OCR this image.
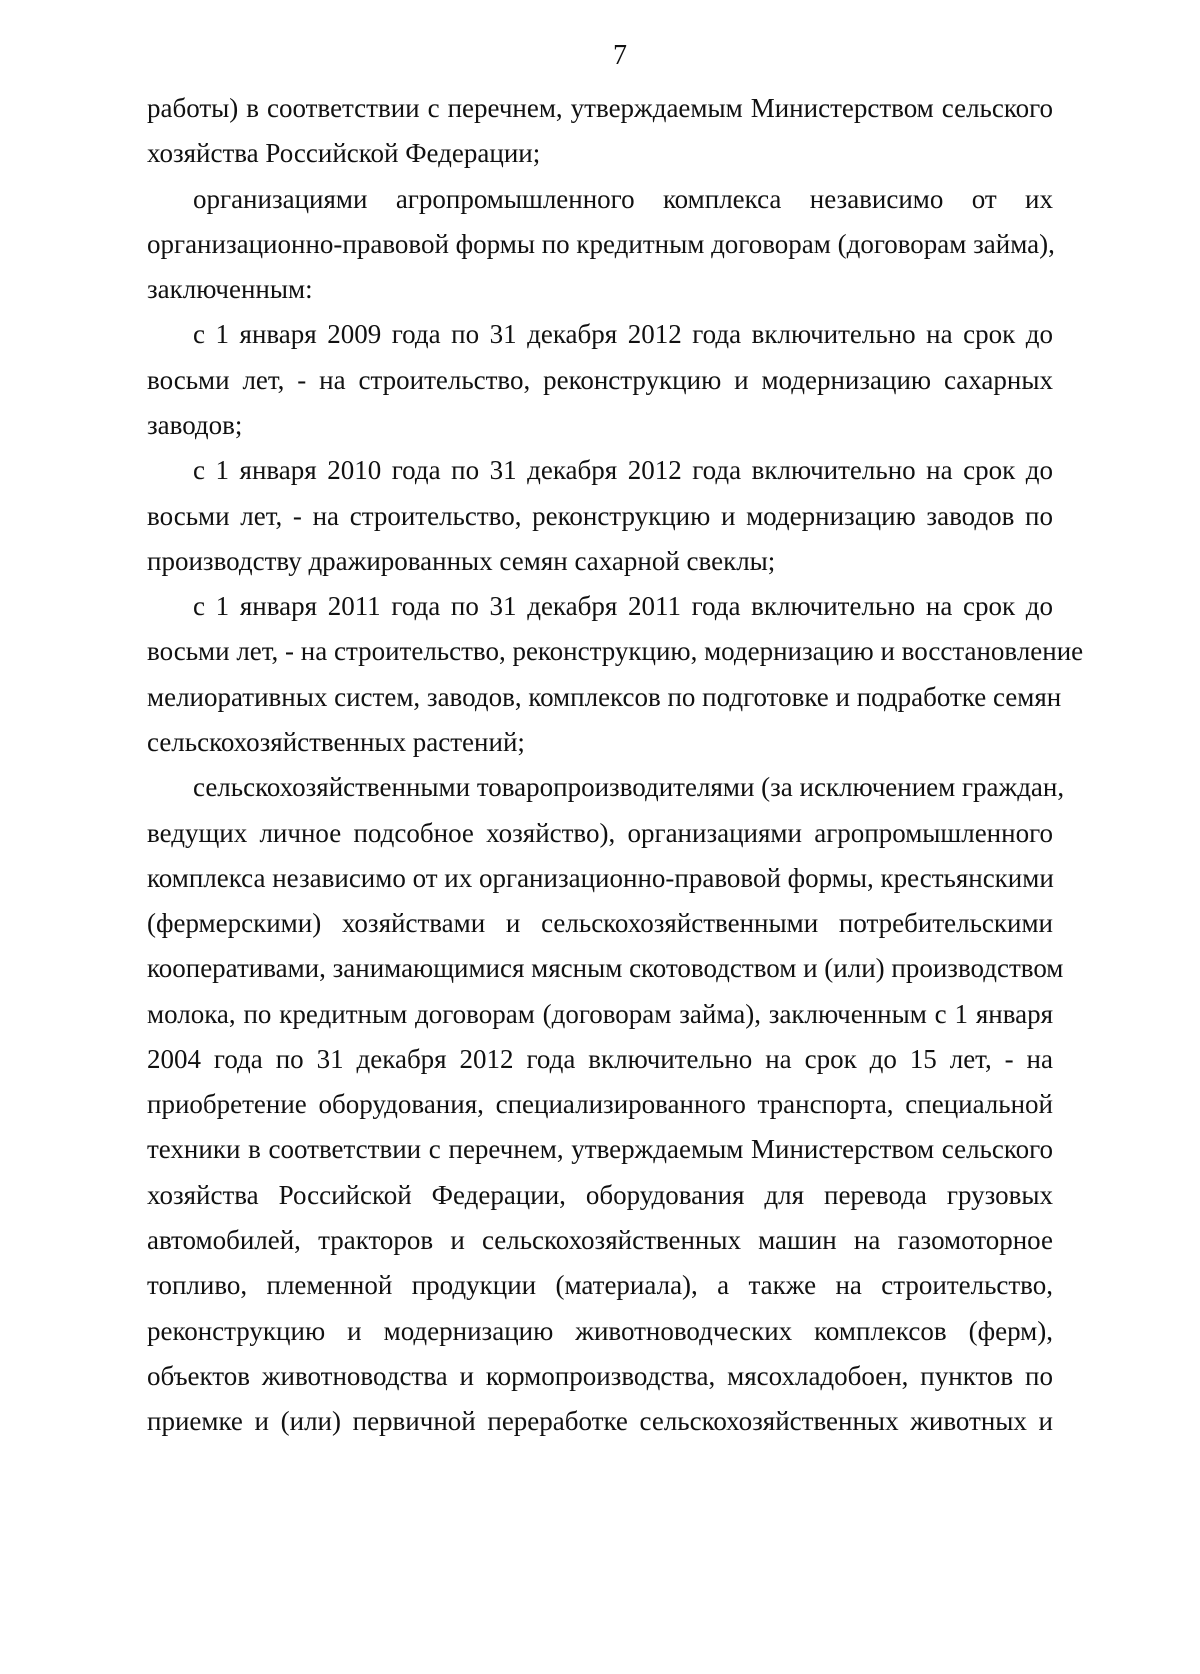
7
работы) в соответствии с перечнем, утверждаемым Министерством сельского
хозяйства Российской Федерации;
организациями агропромышленного комплекса независимо от их
организационно-правовой формы по кредитным договорам (договорам займа),
заключенным:
с 1 января 2009 года по 31 декабря 2012 года включительно на срок до
восьми лет, - на строительство, реконструкцию и модернизацию сахарных
заводов;
с 1 января 2010 года по 31 декабря 2012 года включительно на срок до
восьми лет, - на строительство, реконструкцию и модернизацию заводов по
производству дражированных семян сахарной свеклы;
с 1 января 2011 года по 31 декабря 2011 года включительно на срок до
восьми лет, - на строительство, реконструкцию, модернизацию и восстановление
мелиоративных систем, заводов, комплексов по подготовке и подработке семян
сельскохозяйственных растений;
сельскохозяйственными товаропроизводителями (за исключением граждан,
ведущих личное подсобное хозяйство), организациями агропромышленного
комплекса независимо от их организационно-правовой формы, крестьянскими
(фермерскими) хозяйствами и сельскохозяйственными потребительскими
кооперативами, занимающимися мясным скотоводством и (или) производством
молока, по кредитным договорам (договорам займа), заключенным с 1 января
2004 года по 31 декабря 2012 года включительно на срок до 15 лет, - на
приобретение оборудования, специализированного транспорта, специальной
техники в соответствии с перечнем, утверждаемым Министерством сельского
хозяйства Российской Федерации, оборудования для перевода грузовых
автомобилей, тракторов и сельскохозяйственных машин на газомоторное
топливо, племенной продукции (материала), а также на строительство,
реконструкцию и модернизацию животноводческих комплексов (ферм),
объектов животноводства и кормопроизводства, мясохладобоен, пунктов по
приемке и (или) первичной переработке сельскохозяйственных животных и
